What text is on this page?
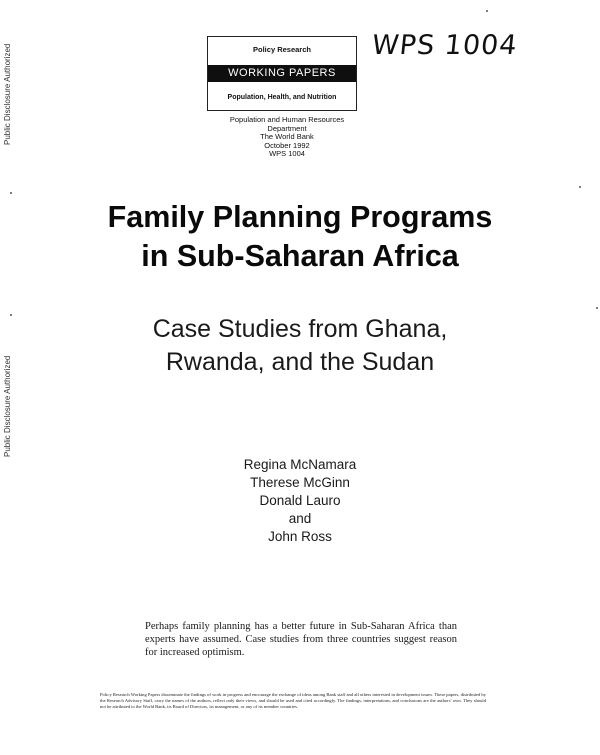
Public Disclosure Authorized
Public Disclosure Authorized
Policy Research
WORKING PAPERS
Population, Health, and Nutrition
WPS 1004
Population and Human Resources
Department
The World Bank
October 1992
WPS 1004
Family Planning Programs
in Sub-Saharan Africa
Case Studies from Ghana,
Rwanda, and the Sudan
Regina McNamara
Therese McGinn
Donald Lauro
and
John Ross
Perhaps family planning has a better future in Sub-Saharan Africa than experts have assumed. Case studies from three countries suggest reason for increased optimism.
Policy Research Working Papers disseminate the findings of work in progress and encourage the exchange of ideas among Bank staff and all others interested in development issues. These papers, distributed by the Research Advisory Staff, carry the names of the authors, reflect only their views, and should be used and cited accordingly. The findings, interpretations, and conclusions are the authors' own. They should not be attributed to the World Bank, its Board of Directors, its management, or any of its member countries.
